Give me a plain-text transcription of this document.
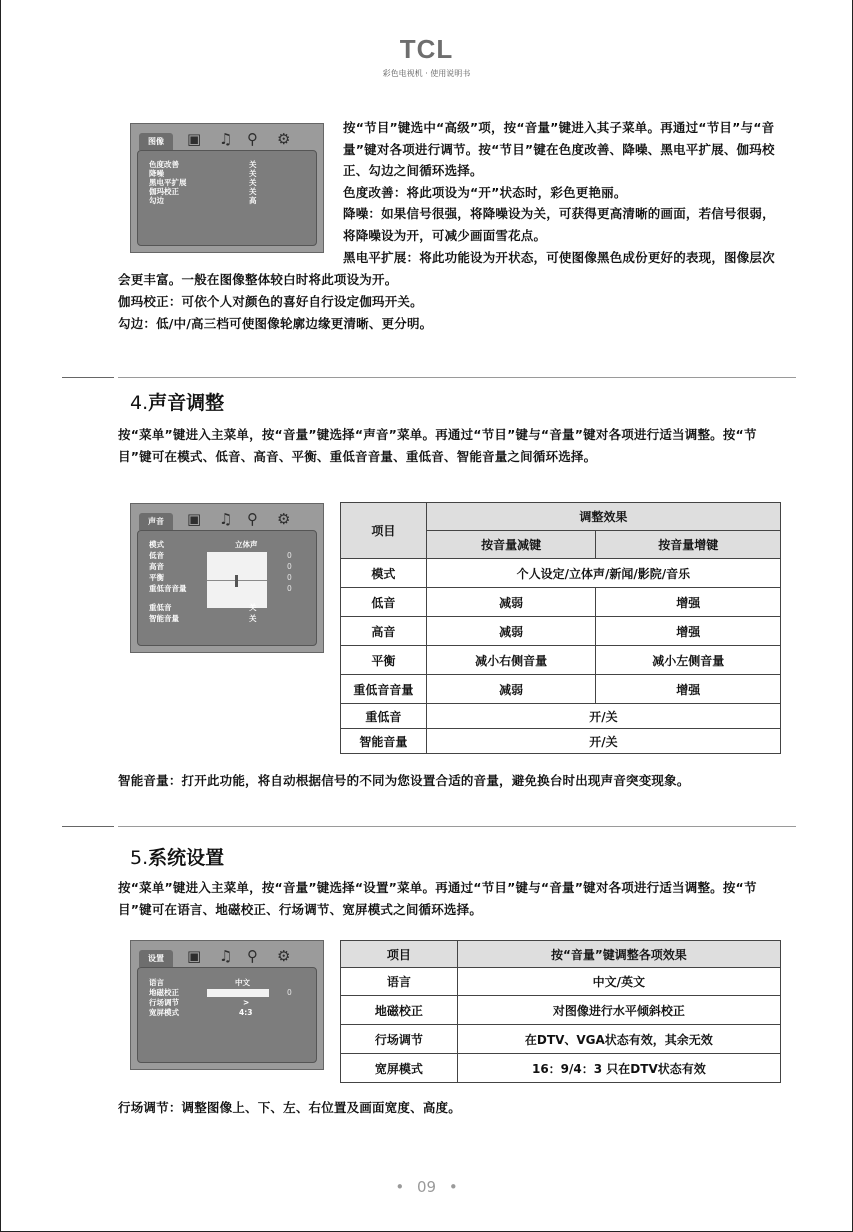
TCL
彩色电视机 · 使用说明书
图像	▣ ♫ ⚲ ⚙
色度改善	关
降噪	关
黑电平扩展	关
伽玛校正	关
勾边	高

按“节目”键选中“高级”项，按“音量”键进入其子菜单。再通过“节目”与“音量”键对各项进行调节。按“节目”键在色度改善、降噪、黑电平扩展、伽玛校正、勾边之间循环选择。

色度改善：将此项设为“开”状态时，彩色更艳丽。

降噪：如果信号很强，将降噪设为关，可获得更高清晰的画面，若信号很弱，将降噪设为开，可减少画面雪花点。

黑电平扩展：将此功能设为开状态，可使图像黑色成份更好的表现，图像层次会更丰富。一般在图像整体较白时将此项设为开。
伽玛校正：可依个人对颜色的喜好自行设定伽玛开关。
勾边：低/中/高三档可使图像轮廓边缘更清晰、更分明。
4.声音调整
按“菜单”键进入主菜单，按“音量”键选择“声音”菜单。再通过“节目”键与“音量”键对各项进行适当调整。按“节目”键可在模式、低音、高音、平衡、重低音音量、重低音、智能音量之间循环选择。
声音	▣ ♫ ⚲ ⚙
模式	立体声
低音	0
高音	0
平衡	0
重低音音量	0
重低音	关
智能音量	关
项目	调整效果	
	按音量减键	按音量增键
模式	个人设定/立体声/新闻/影院/音乐	
低音	减弱	增强
高音	减弱	增强
平衡	减小右侧音量	减小左侧音量
重低音音量	减弱	增强
重低音	开/关	
智能音量	开/关	
智能音量：打开此功能，将自动根据信号的不同为您设置合适的音量，避免换台时出现声音突变现象。
5.系统设置
按“菜单”键进入主菜单，按“音量”键选择“设置”菜单。再通过“节目”键与“音量”键对各项进行适当调整。按“节目”键可在语言、地磁校正、行场调节、宽屏模式之间循环选择。
设置	▣ ♫ ⚲ ⚙
语言	中文
地磁校正	0
行场调节	>
宽屏模式	4:3
项目	按“音量”键调整各项效果
语言	中文/英文
地磁校正	对图像进行水平倾斜校正
行场调节	在DTV、VGA状态有效，其余无效
宽屏模式	16：9/4：3 只在DTV状态有效
行场调节：调整图像上、下、左、右位置及画面宽度、高度。
• 09 •
